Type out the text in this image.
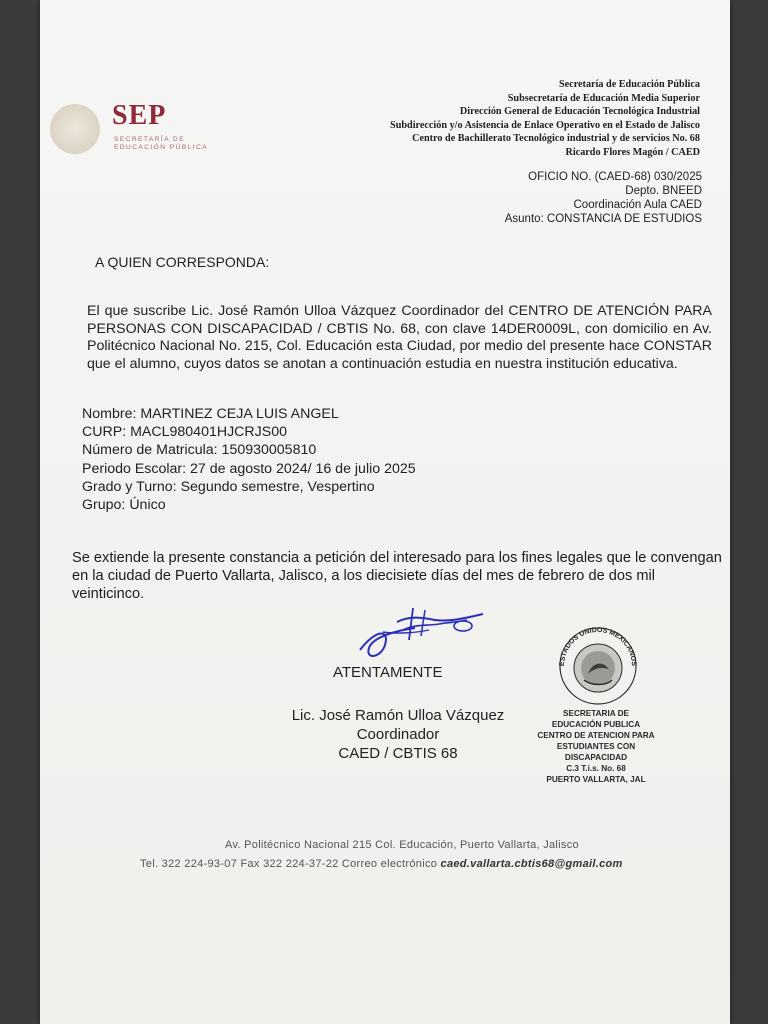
SEP
SECRETARÍA DE EDUCACIÓN PÚBLICA
Secretaría de Educación Pública
Subsecretaría de Educación Media Superior
Dirección General de Educación Tecnológica Industrial
Subdirección y/o Asistencia de Enlace Operativo en el Estado de Jalisco
Centro de Bachillerato Tecnológico industrial y de servicios No. 68
Ricardo Flores Magón / CAED
OFICIO NO. (CAED-68) 030/2025
Depto. BNEED
Coordinación Aula CAED
Asunto: CONSTANCIA DE ESTUDIOS
A QUIEN CORRESPONDA:
El que suscribe Lic. José Ramón Ulloa Vázquez Coordinador del CENTRO DE ATENCIÓN PARA PERSONAS CON DISCAPACIDAD / CBTIS No. 68, con clave 14DER0009L, con domicilio en Av. Politécnico Nacional No. 215, Col. Educación esta Ciudad, por medio del presente hace CONSTAR que el alumno, cuyos datos se anotan a continuación estudia en nuestra institución educativa.
Nombre: MARTINEZ CEJA LUIS ANGEL
CURP: MACL980401HJCRJS00
Número de Matricula: 150930005810
Periodo Escolar: 27 de agosto 2024/ 16 de julio 2025
Grado y Turno: Segundo semestre, Vespertino
Grupo: Único
Se extiende la presente constancia a petición del interesado para los fines legales que le convengan en la ciudad de Puerto Vallarta, Jalisco, a los diecisiete días del mes de febrero de dos mil veinticinco.
ATENTAMENTE
Lic. José Ramón Ulloa Vázquez
Coordinador
CAED / CBTIS 68
ESTADOS UNIDOS MEXICANOS
SECRETARIA DE
EDUCACIÓN PUBLICA
CENTRO DE ATENCION PARA
ESTUDIANTES CON
DISCAPACIDAD
C.3 T.i.s. No. 68
PUERTO VALLARTA, JAL
Av. Politécnico Nacional 215 Col. Educación, Puerto Vallarta, Jalisco
Tel. 322 224-93-07 Fax 322 224-37-22 Correo electrónico caed.vallarta.cbtis68@gmail.com
